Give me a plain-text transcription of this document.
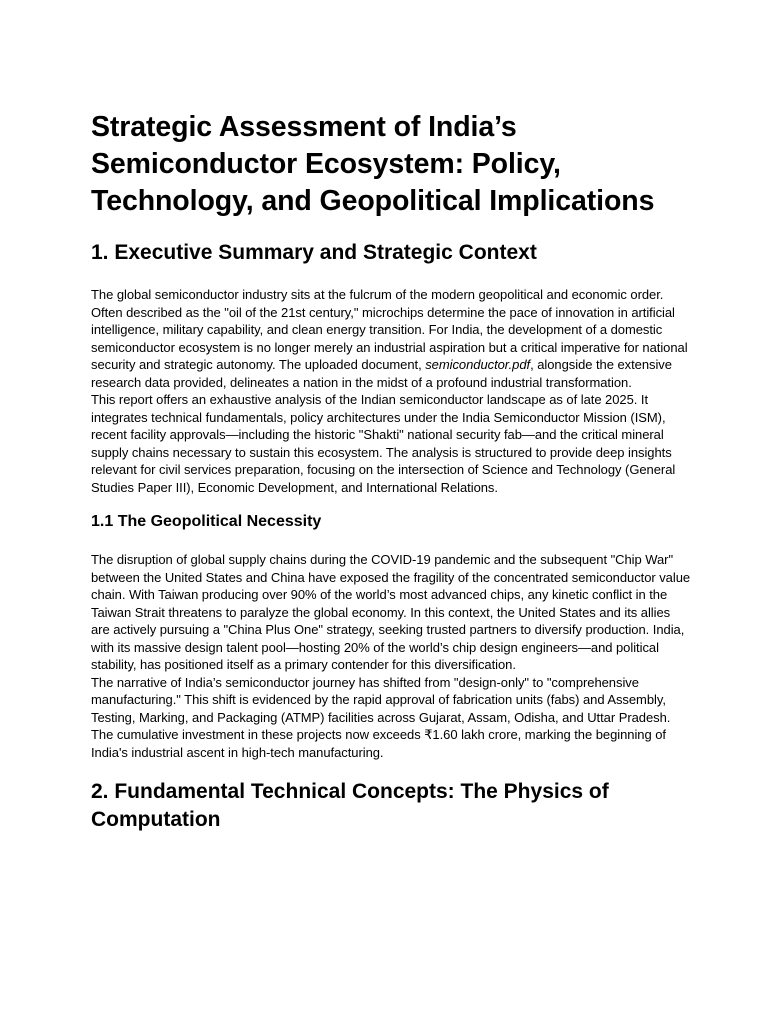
Strategic Assessment of India’s Semiconductor Ecosystem: Policy, Technology, and Geopolitical Implications
1. Executive Summary and Strategic Context

The global semiconductor industry sits at the fulcrum of the modern geopolitical and economic order. Often described as the "oil of the 21st century," microchips determine the pace of innovation in artificial intelligence, military capability, and clean energy transition. For India, the development of a domestic semiconductor ecosystem is no longer merely an industrial aspiration but a critical imperative for national security and strategic autonomy. The uploaded document, semiconductor.pdf, alongside the extensive research data provided, delineates a nation in the midst of a profound industrial transformation.

This report offers an exhaustive analysis of the Indian semiconductor landscape as of late 2025. It integrates technical fundamentals, policy architectures under the India Semiconductor Mission (ISM), recent facility approvals—including the historic "Shakti" national security fab—and the critical mineral supply chains necessary to sustain this ecosystem. The analysis is structured to provide deep insights relevant for civil services preparation, focusing on the intersection of Science and Technology (General Studies Paper III), Economic Development, and International Relations.

1.1 The Geopolitical Necessity

The disruption of global supply chains during the COVID-19 pandemic and the subsequent "Chip War" between the United States and China have exposed the fragility of the concentrated semiconductor value chain. With Taiwan producing over 90% of the world’s most advanced chips, any kinetic conflict in the Taiwan Strait threatens to paralyze the global economy. In this context, the United States and its allies are actively pursuing a "China Plus One" strategy, seeking trusted partners to diversify production. India, with its massive design talent pool—hosting 20% of the world’s chip design engineers—and political stability, has positioned itself as a primary contender for this diversification.

The narrative of India’s semiconductor journey has shifted from "design-only" to "comprehensive manufacturing." This shift is evidenced by the rapid approval of fabrication units (fabs) and Assembly, Testing, Marking, and Packaging (ATMP) facilities across Gujarat, Assam, Odisha, and Uttar Pradesh. The cumulative investment in these projects now exceeds ₹1.60 lakh crore, marking the beginning of India's industrial ascent in high-tech manufacturing.

2. Fundamental Technical Concepts: The Physics of Computation
